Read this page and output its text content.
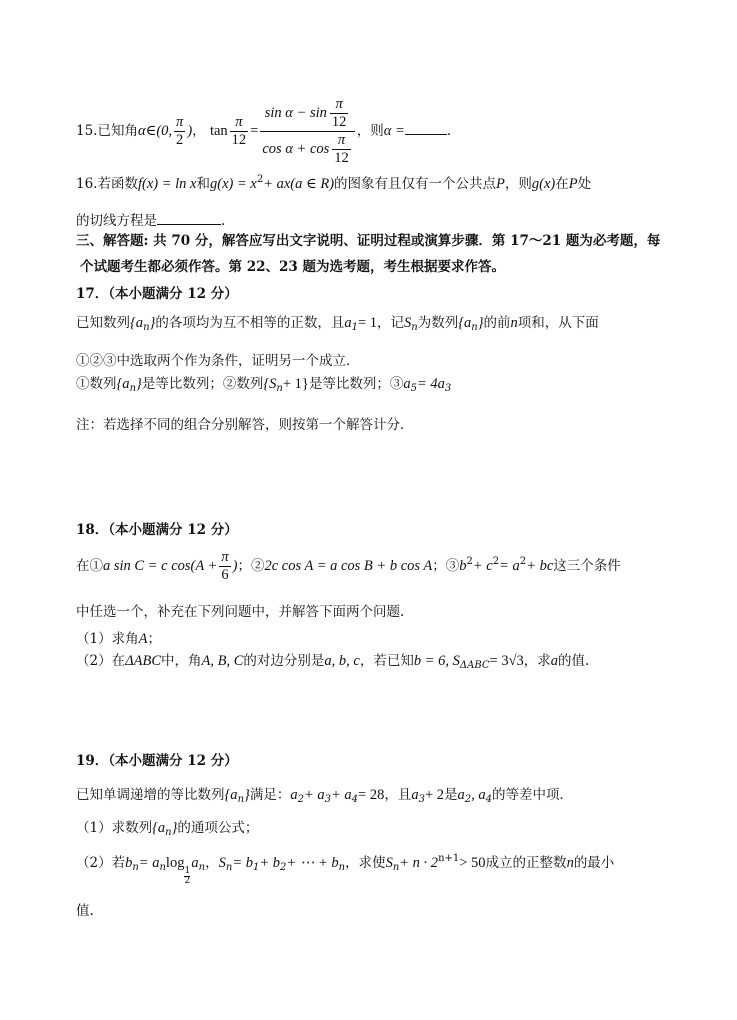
15.已知角α∈(0, $\frac{\pi}{2}$ )， $\tan \frac{\pi}{12} = \frac{\sin \alpha - \sin \frac{\pi}{12}}{\cos \alpha + \cos \frac{\pi}{12}}$ ，则α =	.
16.若函数f(x) = ln x和$g(x) = x^2+ ax(a$ ∈ R)的图象有且仅有一个公共点P，则g(x)在P处
的切线方程是	.
三、解答题: 共 70 分，解答应写出文字说明、证明过程或演算步骤．第 17～21 题为必考题，每
个试题考生都必须作答。第 22、23 题为选考题，考生根据要求作答。
17．（本小题满分 12 分）
已知数列$\{a_n\}$的各项均为互不相等的正数，且$a_1= 1$，记$S_n$为数列$\{a_n\}$的前n项和，从下面
①②③中选取两个作为条件，证明另一个成立．
①数列$\{a_n\}$是等比数列；②数列$\{S_n+ 1\}$是等比数列；$③a_5= 4a_3$
注：若选择不同的组合分别解答，则按第一个解答计分．
18．（本小题满分 12 分）
在①a sin C = c $\cos(A + \frac{\pi}{6}$ )；②2c cos A = a cos B + b cos A；$③b^2+ c^2= a^2+$ bc这三个条件
中任选一个，补充在下列问题中，并解答下面两个问题.
（1）求角A；
（2）在ΔABC中，角A, B, C的对边分别是a, b, c，若已知b = 6, $S_{\Delta ABC}= 3√3$，求a的值.
19．（本小题满分 12 分）
已知单调递增的等比数列$\{a_n\}$满足：$a_2+ a_3+ a_4= 28$，且$a_3+ 2$是$a_2$, $a_4$的等差中项．
（1）求数列$\{a_n\}$的通项公式；
（2）若$b_n= a_n\log$
$\frac{1}{2}$
 $a_n$，$S_n= b_1+ b_2+$ ⋯ + $b_n$，求使$S_n+ n \cdot 2^{n+1}> 50$成立的正整数n的最小
值.
